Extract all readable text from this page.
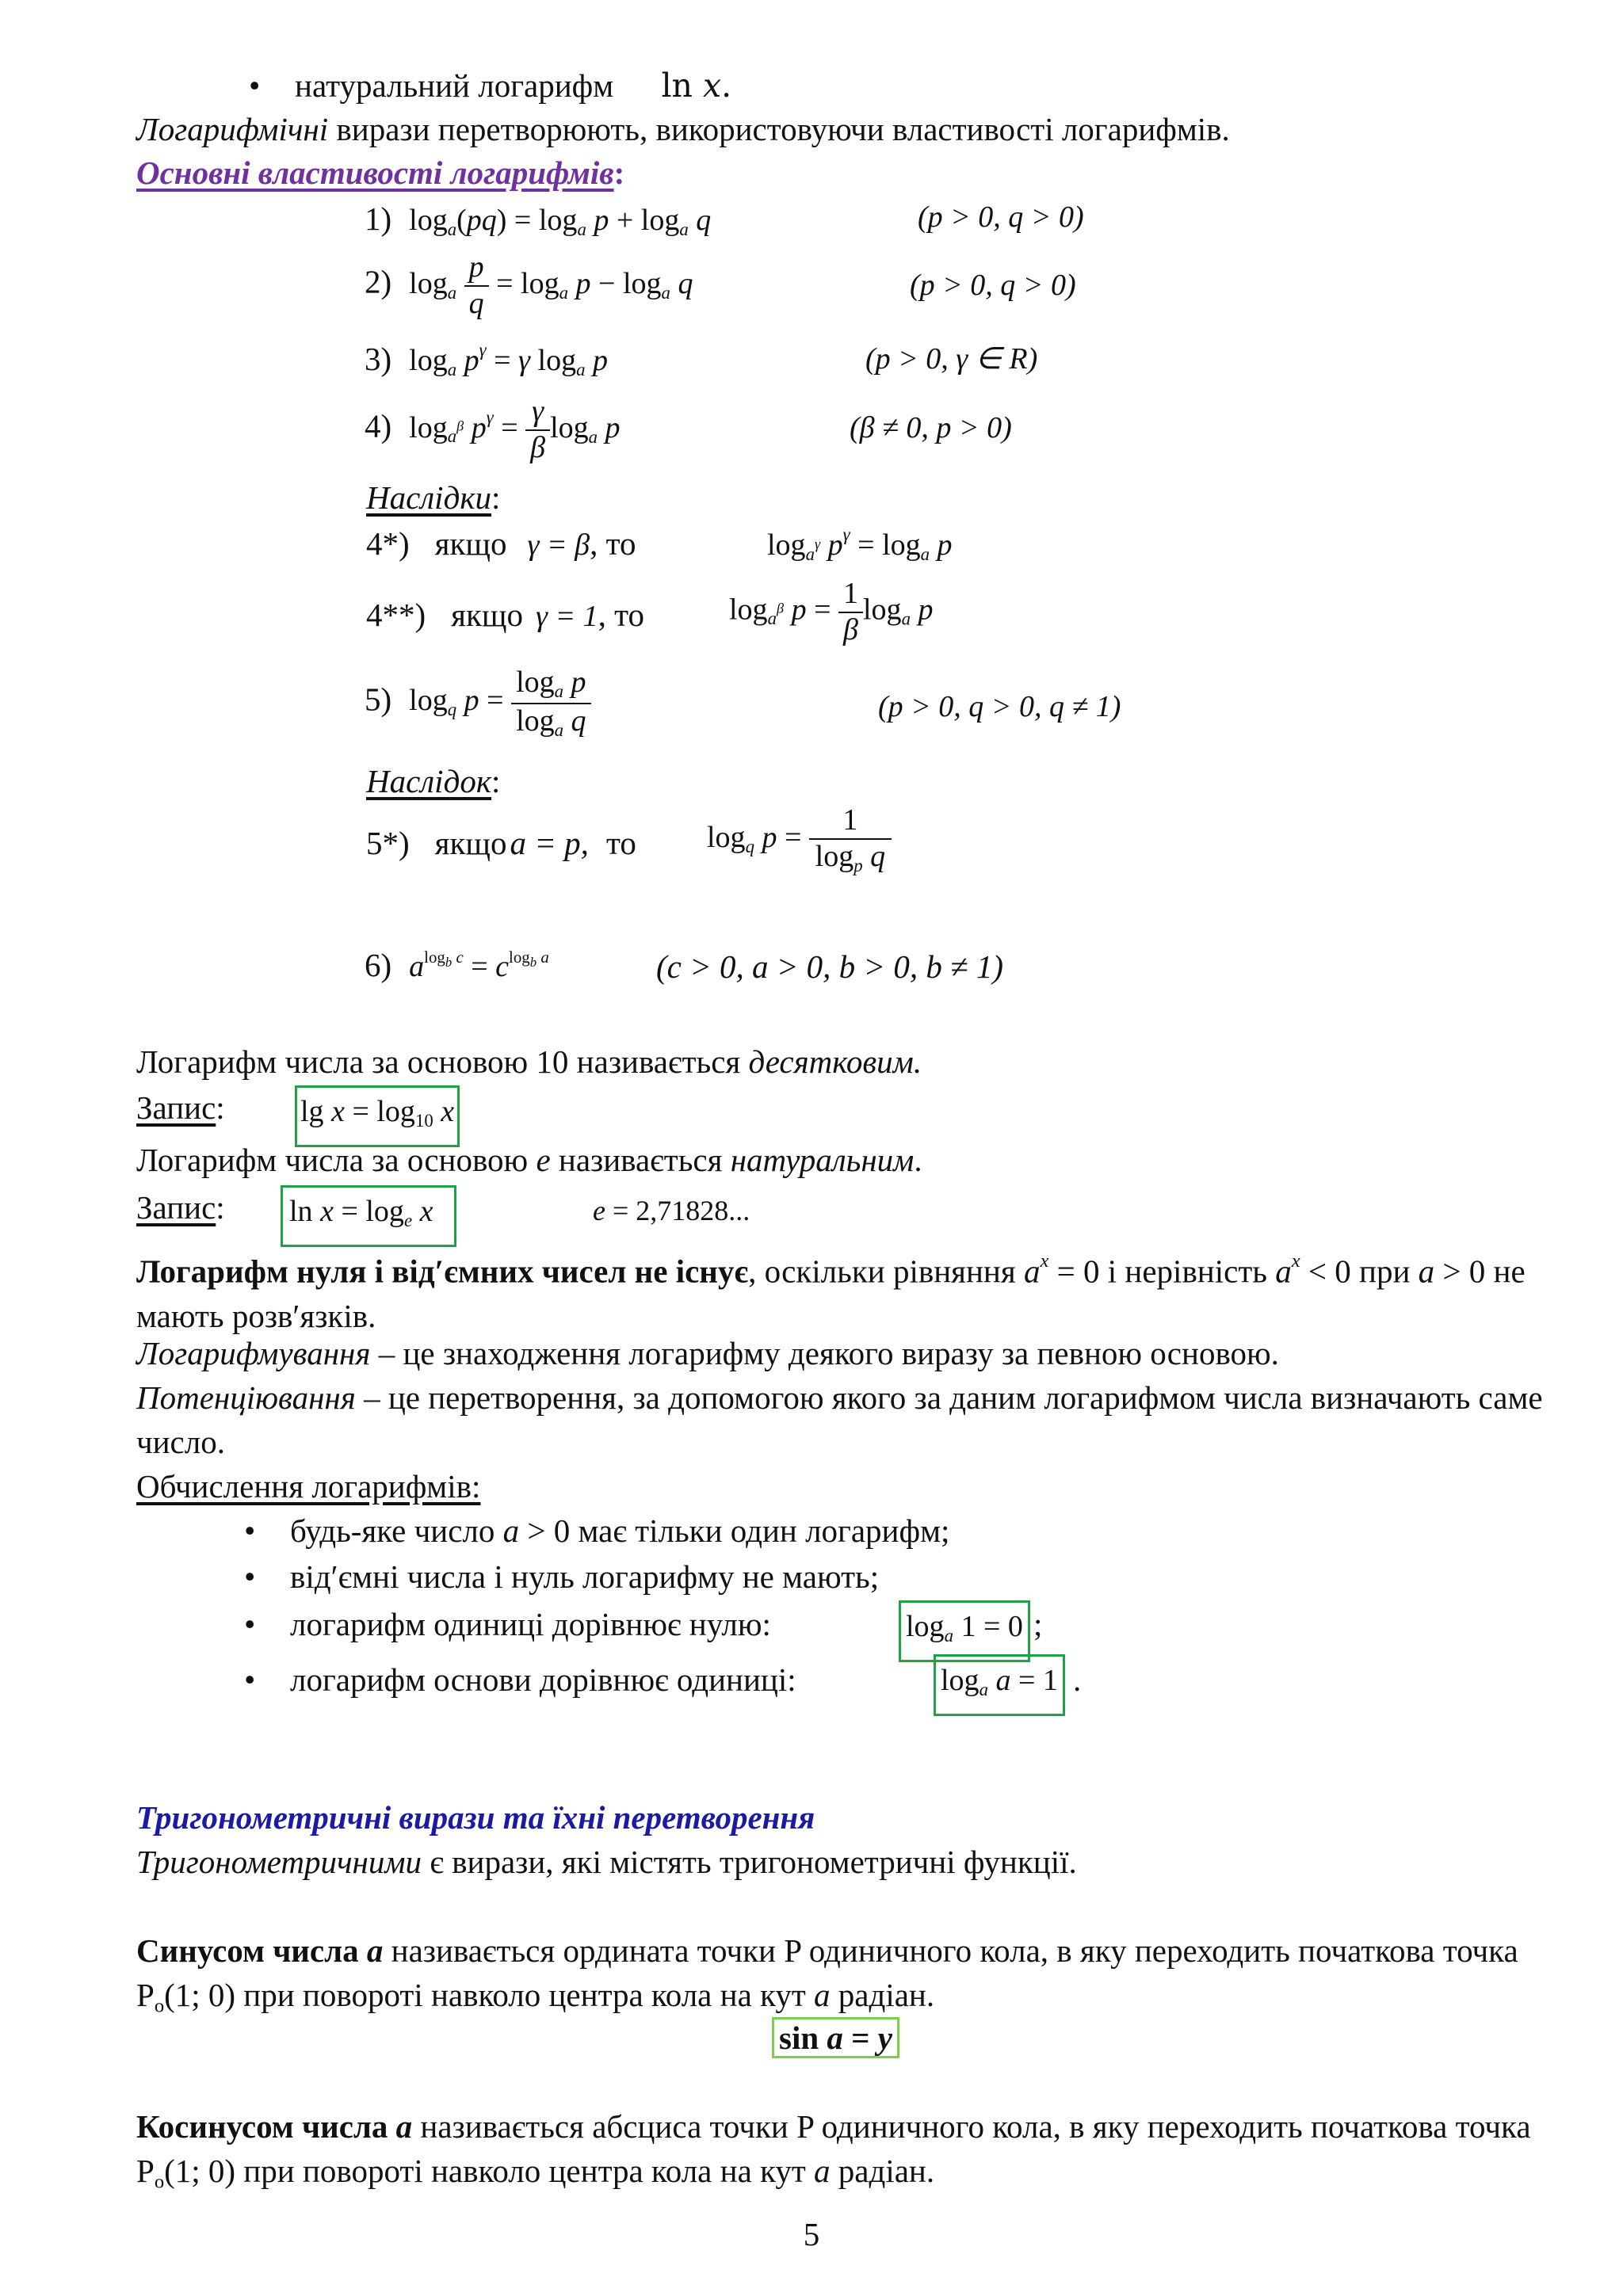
• натуральний логарифм ln 𝑥.
Логарифмічні вирази перетворюють, використовуючи властивості логарифмів.
Основні властивості логарифмів:
1) $\log_a(pq) = \log_a p + \log_a q$	(p > 0, q > 0)
2) $\log_a \frac{p}{q} = \log_a p - \log_a q$	(p > 0, q > 0)
3) $\log_a p^\gamma = \gamma$ $\log_a p$	(p > 0, γ ∈ R)
4) $\log_{a^\beta} p^\gamma = \frac{\gamma}{\beta} \log_a p$	(β ≠ 0, p > 0)
Наслідки:
4*) якщо γ = β, то	$\log_{a^\gamma} p^\gamma = \log_a p$
4**) якщо γ = 1, то	$\log_{a^\beta} p = \frac{1}{\beta} \log_a p$
5) $\log_q p = \frac{\log_a p}{\log_a q}$	(p > 0, q > 0, q ≠ 1)
Наслідок:
5*) якщо a = p, то $\log_q p = \frac{1}{\log_p q}$
6) $a^{log_b c} = c^{log_b a}$	(c > 0, a > 0, b > 0, b ≠ 1)
Логарифм числа за основою 10 називається десятковим.
Запис:	$\lg x = \log_{10} x$
Логарифм числа за основою e називається натуральним.
Запис: $\ln x = \log_e x$	e = 2,71828...
Логарифм нуля і від′ємних чисел не існує, оскільки рівняння $a^x = 0$ і нерівність $a^x < 0$ при a > 0 не мають розв′язків.
Логарифмування – це знаходження логарифму деякого виразу за певною основою.
Потенціювання – це перетворення, за допомогою якого за даним логарифмом числа визначають саме число.
Обчислення логарифмів:
• будь-яке число a > 0 має тільки один логарифм;
• від′ємні числа і нуль логарифму не мають;
• логарифм одиниці дорівнює нулю:	$\log_a 1 = 0$ ;
• логарифм основи дорівнює одиниці:	$\log_a a = 1$ .
Тригонометричні вирази та їхні перетворення
Тригонометричними є вирази, які містять тригонометричні функції.
Синусом числа a називається ордината точки P одиничного кола, в яку переходить початкова точка $P_o(1$; 0) при повороті навколо центра кола на кут a радіан.
sin a = y
Косинусом числа a називається абсциса точки P одиничного кола, в яку переходить початкова точка $P_o(1$; 0) при повороті навколо центра кола на кут a радіан.
5
